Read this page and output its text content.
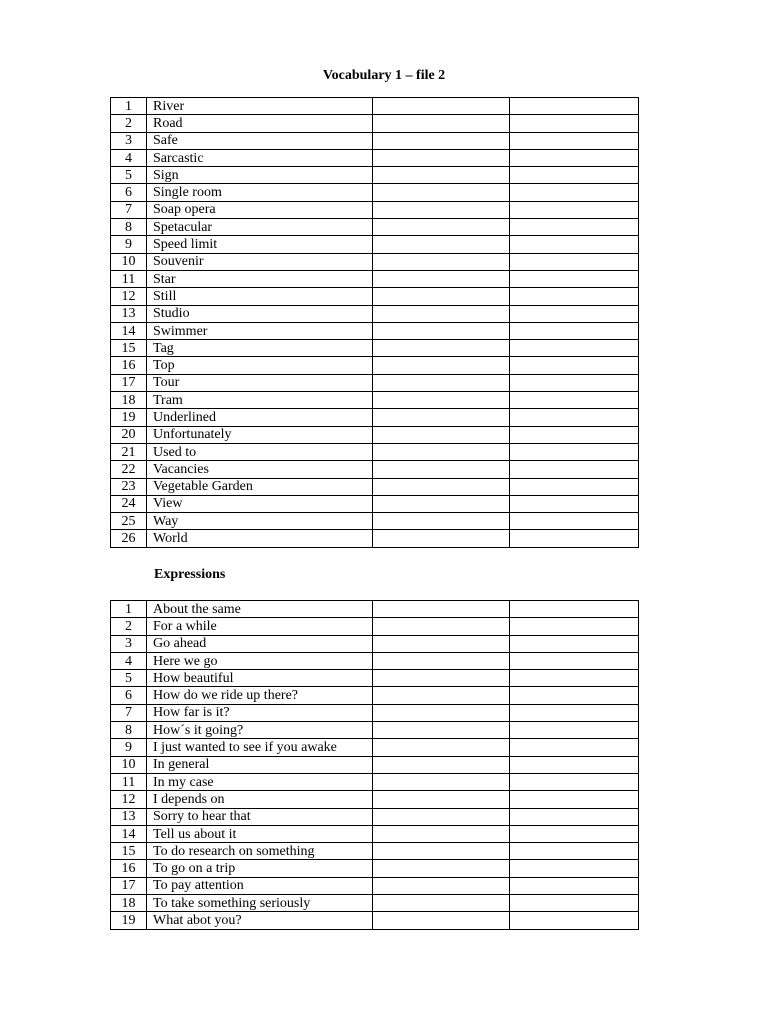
Vocabulary 1 – file 2
1	River		
2	Road		
3	Safe		
4	Sarcastic		
5	Sign		
6	Single room		
7	Soap opera		
8	Spetacular		
9	Speed limit		
10	Souvenir		
11	Star		
12	Still		
13	Studio		
14	Swimmer		
15	Tag		
16	Top		
17	Tour		
18	Tram		
19	Underlined		
20	Unfortunately		
21	Used to		
22	Vacancies		
23	Vegetable Garden		
24	View		
25	Way		
26	World		
Expressions
1	About the same		
2	For a while		
3	Go ahead		
4	Here we go		
5	How beautiful		
6	How do we ride up there?		
7	How far is it?		
8	How´s it going?		
9	I just wanted to see if you awake		
10	In general		
11	In my case		
12	I depends on		
13	Sorry to hear that		
14	Tell us about it		
15	To do research on something		
16	To go on a trip		
17	To pay attention		
18	To take something seriously		
19	What abot you?		
